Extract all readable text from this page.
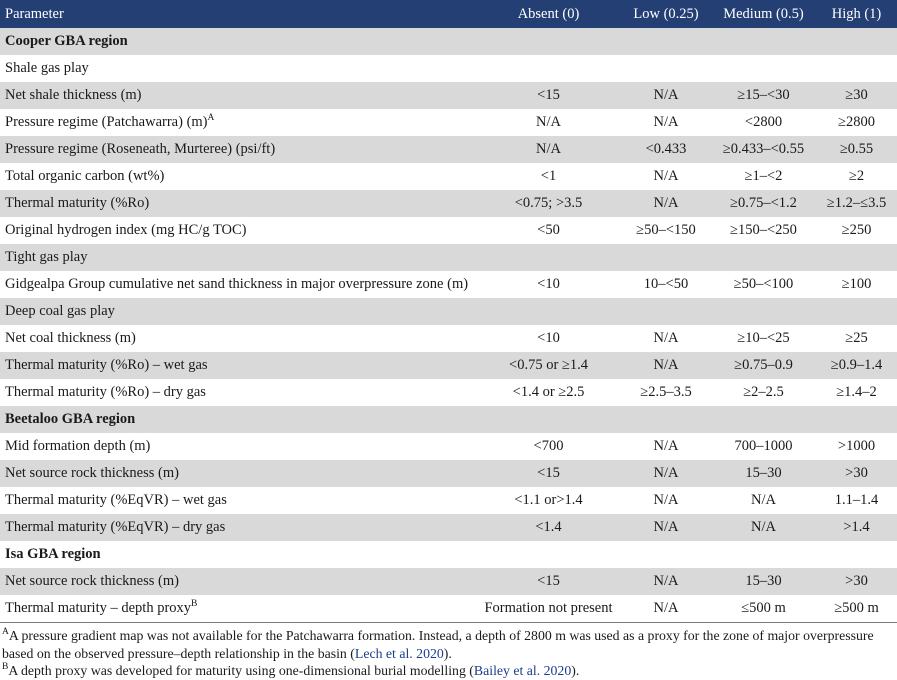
Parameter	Absent (0)	Low (0.25)	Medium (0.5)	High (1)
Cooper GBA region				
Shale gas play				
Net shale thickness (m)	<15	N/A	≥15–<30	≥30
Pressure regime (Patchawarra) $(m)^A$	N/A	N/A	<2800	≥2800
Pressure regime (Roseneath, Murteree) (psi/ft)	N/A	<0.433	≥0.433–<0.55	≥0.55
Total organic carbon (wt%)	<1	N/A	≥1–<2	≥2
Thermal maturity (%Ro)	<0.75; >3.5	N/A	≥0.75–<1.2	≥1.2–≤3.5
Original hydrogen index (mg HC/g TOC)	<50	≥50–<150	≥150–<250	≥250
Tight gas play				
Gidgealpa Group cumulative net sand thickness in major overpressure zone (m)	<10	10–<50	≥50–<100	≥100
Deep coal gas play				
Net coal thickness (m)	<10	N/A	≥10–<25	≥25
Thermal maturity (%Ro) – wet gas	<0.75 or ≥1.4	N/A	≥0.75–0.9	≥0.9–1.4
Thermal maturity (%Ro) – dry gas	<1.4 or ≥2.5	≥2.5–3.5	≥2–2.5	≥1.4–2
Beetaloo GBA region				
Mid formation depth (m)	<700	N/A	700–1000	>1000
Net source rock thickness (m)	<15	N/A	15–30	>30
Thermal maturity (%EqVR) – wet gas	<1.1 or>1.4	N/A	N/A	1.1–1.4
Thermal maturity (%EqVR) – dry gas	<1.4	N/A	N/A	>1.4
Isa GBA region				
Net source rock thickness (m)	<15	N/A	15–30	>30
Thermal maturity – depth proxy$^B$	Formation not present	N/A	≤500 m	≥500 m

$^A$A pressure gradient map was not available for the Patchawarra formation. Instead, a depth of 2800 m was used as a proxy for the zone of major overpressure based on the observed pressure–depth relationship in the basin (Lech et al. 2020).

$^B$A depth proxy was developed for maturity using one-dimensional burial modelling (Bailey et al. 2020).
